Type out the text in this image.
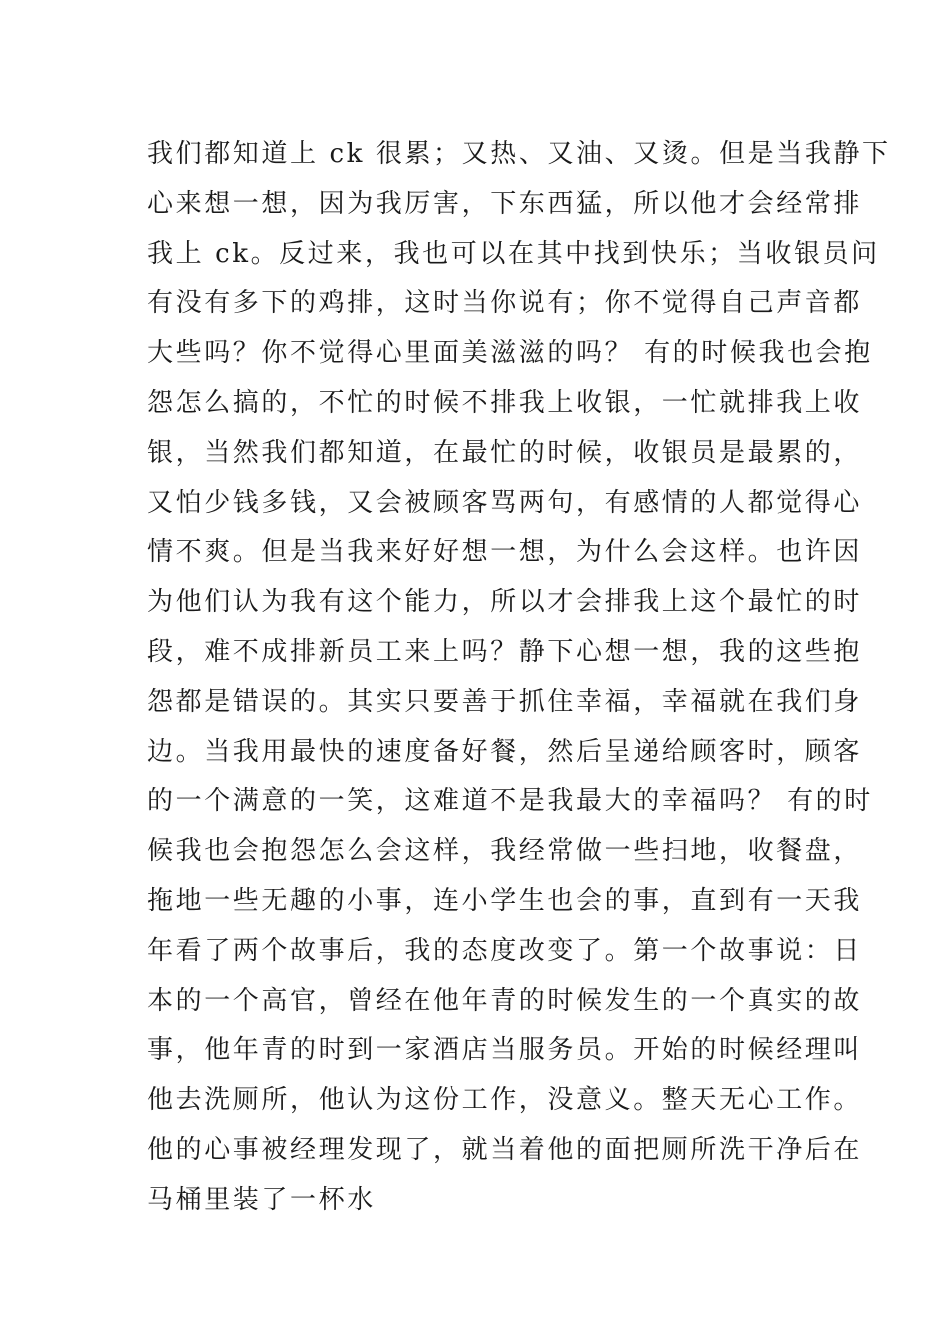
我们都知道上 ck 很累；又热、又油、又烫。但是当我静下

心来想一想，因为我厉害，下东西猛，所以他才会经常排

我上 ck。反过来，我也可以在其中找到快乐；当收银员问

有没有多下的鸡排，这时当你说有；你不觉得自己声音都

大些吗？你不觉得心里面美滋滋的吗？ 有的时候我也会抱

怨怎么搞的，不忙的时候不排我上收银，一忙就排我上收

银，当然我们都知道，在最忙的时候，收银员是最累的，

又怕少钱多钱，又会被顾客骂两句，有感情的人都觉得心

情不爽。但是当我来好好想一想，为什么会这样。也许因

为他们认为我有这个能力，所以才会排我上这个最忙的时

段，难不成排新员工来上吗？静下心想一想，我的这些抱

怨都是错误的。其实只要善于抓住幸福，幸福就在我们身

边。当我用最快的速度备好餐，然后呈递给顾客时，顾客

的一个满意的一笑，这难道不是我最大的幸福吗？ 有的时

候我也会抱怨怎么会这样，我经常做一些扫地，收餐盘，

拖地一些无趣的小事，连小学生也会的事，直到有一天我

年看了两个故事后，我的态度改变了。第一个故事说：日

本的一个高官，曾经在他年青的时候发生的一个真实的故

事，他年青的时到一家酒店当服务员。开始的时候经理叫

他去洗厕所，他认为这份工作，没意义。整天无心工作。

他的心事被经理发现了，就当着他的面把厕所洗干净后在

马桶里装了一杯水
